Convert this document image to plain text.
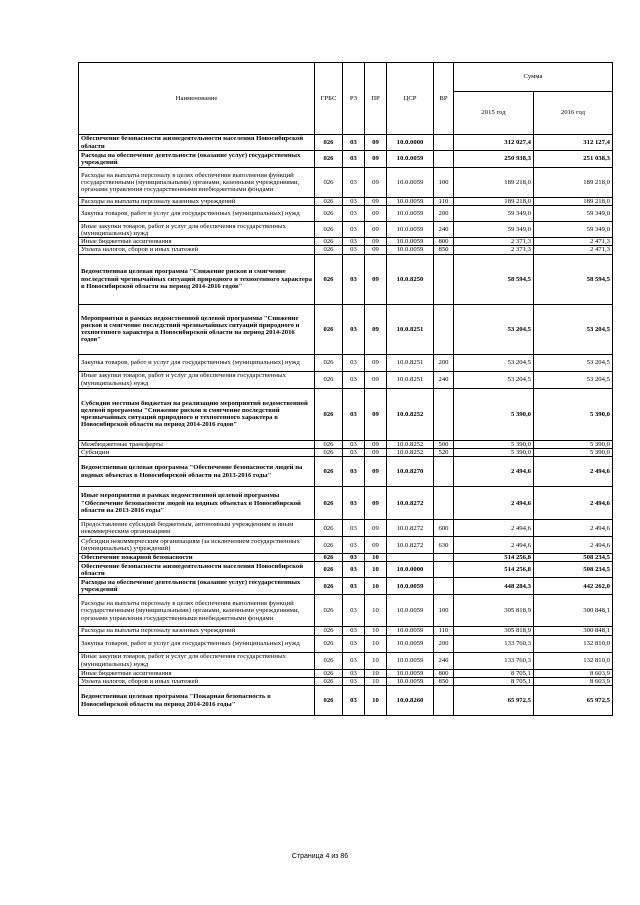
Наименование	ГРБС	РЗ	ПР	ЦСР	ВР	Сумма	
						2015 год	2016 год
Обеспечение безопасности жизнедеятельности населения Новосибирской области	026	03	09	10.0.0000		312 027,4	312 127,4
Расходы на обеспечение деятельности (оказание услуг) государственных учреждений	026	03	09	10.0.0059		250 938,3	251 038,3
Расходы на выплаты персоналу в целях обеспечения выполнения функций государственными (муниципальными) органами, казенными учреждениями, органами управления государственными внебюджетными фондами	026	03	09	10.0.0059	100	189 218,0	189 218,0
Расходы на выплаты персоналу казенных учреждений	026	03	09	10.0.0059	110	189 218,0	189 218,0
Закупка товаров, работ и услуг для государственных (муниципальных) нужд	026	03	09	10.0.0059	200	59 349,0	59 349,0
Иные закупки товаров, работ и услуг для обеспечения государственных (муниципальных) нужд	026	03	09	10.0.0059	240	59 349,0	59 349,0
Иные бюджетные ассигнования	026	03	09	10.0.0059	800	2 371,3	2 471,3
Уплата налогов, сборов и иных платежей	026	03	09	10.0.0059	850	2 371,3	2 471,3
Ведомственная целевая программа "Снижение рисков и смягчение последствий чрезвычайных ситуаций природного и техногенного характера в Новосибирской области на период 2014-2016 годов"	026	03	09	10.0.8250		58 594,5	58 594,5
Мероприятия в рамках ведомственной целевой программы "Снижение рисков и смягчение последствий чрезвычайных ситуаций природного и техногенного характера в Новосибирской области на период 2014-2016 годов"	026	03	09	10.0.8251		53 204,5	53 204,5
Закупка товаров, работ и услуг для государственных (муниципальных) нужд	026	03	09	10.0.8251	200	53 204,5	53 204,5
Иные закупки товаров, работ и услуг для обеспечения государственных (муниципальных) нужд	026	03	09	10.0.8251	240	53 204,5	53 204,5
Субсидии местным бюджетам на реализацию мероприятий ведомственной целевой программы "Снижение рисков и смягчение последствий чрезвычайных ситуаций природного и техногенного характера в Новосибирской области на период 2014-2016 годов"	026	03	09	10.0.8252		5 390,0	5 390,0
Межбюджетные трансферты	026	03	09	10.0.8252	500	5 390,0	5 390,0
Субсидии	026	03	09	10.0.8252	520	5 390,0	5 390,0
Ведомственная целевая программа "Обеспечение безопасности людей на водных объектах в Новосибирской области на 2013-2016 годы"	026	03	09	10.0.8270		2 494,6	2 494,6
Иные мероприятия в рамках ведомственной целевой программы "Обеспечение безопасности людей на водных объектах в Новосибирской области на 2013-2016 годы"	026	03	09	10.0.8272		2 494,6	2 494,6
Предоставление субсидий бюджетным, автономным учреждениям и иным некоммерческим организациям	026	03	09	10.0.8272	600	2 494,6	2 494,6
Субсидии некоммерческим организациям (за исключением государственных (муниципальных) учреждений)	026	03	09	10.0.8272	630	2 494,6	2 494,6
Обеспечение пожарной безопасности	026	03	10			514 256,8	508 234,5
Обеспечение безопасности жизнедеятельности населения Новосибирской области	026	03	10	10.0.0000		514 256,8	508 234,5
Расходы на обеспечение деятельности (оказание услуг) государственных учреждений	026	03	10	10.0.0059		448 284,3	442 262,0
Расходы на выплаты персоналу в целях обеспечения выполнения функций государственными (муниципальными) органами, казенными учреждениями, органами управления государственными внебюджетными фондами	026	03	10	10.0.0059	100	305 818,9	300 848,1
Расходы на выплаты персоналу казенных учреждений	026	03	10	10.0.0059	110	305 818,9	300 848,1
Закупка товаров, работ и услуг для государственных (муниципальных) нужд	026	03	10	10.0.0059	200	133 760,3	132 810,0
Иные закупки товаров, работ и услуг для обеспечения государственных (муниципальных) нужд	026	03	10	10.0.0059	240	133 760,3	132 810,0
Иные бюджетные ассигнования	026	03	10	10.0.0059	800	8 705,1	8 603,9
Уплата налогов, сборов и иных платежей	026	03	10	10.0.0059	850	8 705,1	8 603,9
Ведомственная целевая программа "Пожарная безопасность в Новосибирской области на период 2014-2016 годы"	026	03	10	10.0.8260		65 972,5	65 972,5
Страница 4 из 86
